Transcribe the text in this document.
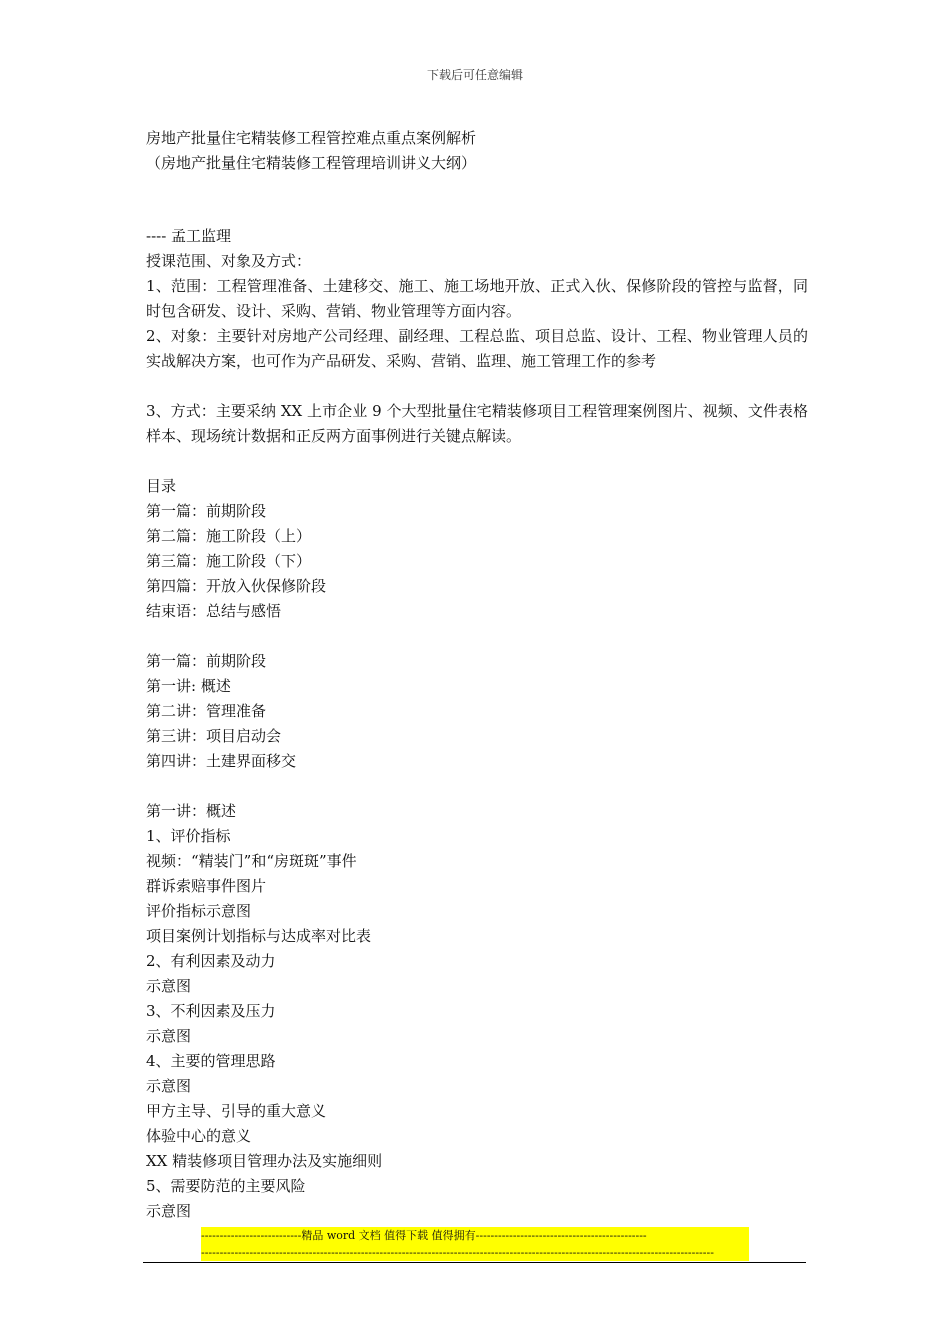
下载后可任意编辑
房地产批量住宅精装修工程管控难点重点案例解析
（房地产批量住宅精装修工程管理培训讲义大纲）
---- 孟工监理
授课范围、对象及方式：
1、范围：工程管理准备、土建移交、施工、施工场地开放、正式入伙、保修阶段的管控与监督，同时包含研发、设计、采购、营销、物业管理等方面内容。
2、对象：主要针对房地产公司经理、副经理、工程总监、项目总监、设计、工程、物业管理人员的实战解决方案，也可作为产品研发、采购、营销、监理、施工管理工作的参考
3、方式：主要采纳 XX 上市企业 9 个大型批量住宅精装修项目工程管理案例图片、视频、文件表格样本、现场统计数据和正反两方面事例进行关键点解读。
目录
第一篇：前期阶段
第二篇：施工阶段（上）
第三篇：施工阶段（下）
第四篇：开放入伙保修阶段
结束语：总结与感悟
第一篇：前期阶段
第一讲: 概述
第二讲：管理准备
第三讲：项目启动会
第四讲：土建界面移交
第一讲：概述
1、评价指标
视频：“精装门”和“房斑斑”事件
群诉索赔事件图片
评价指标示意图
项目案例计划指标与达成率对比表
2、有利因素及动力
示意图
3、不利因素及压力
示意图
4、主要的管理思路
示意图
甲方主导、引导的重大意义
体验中心的意义
XX 精装修项目管理办法及实施细则
5、需要防范的主要风险
示意图
---------------------------精品 word 文档 值得下载 值得拥有----------------------------------------------
------------------------------------------------------------------------------------------------------------------------------------------
